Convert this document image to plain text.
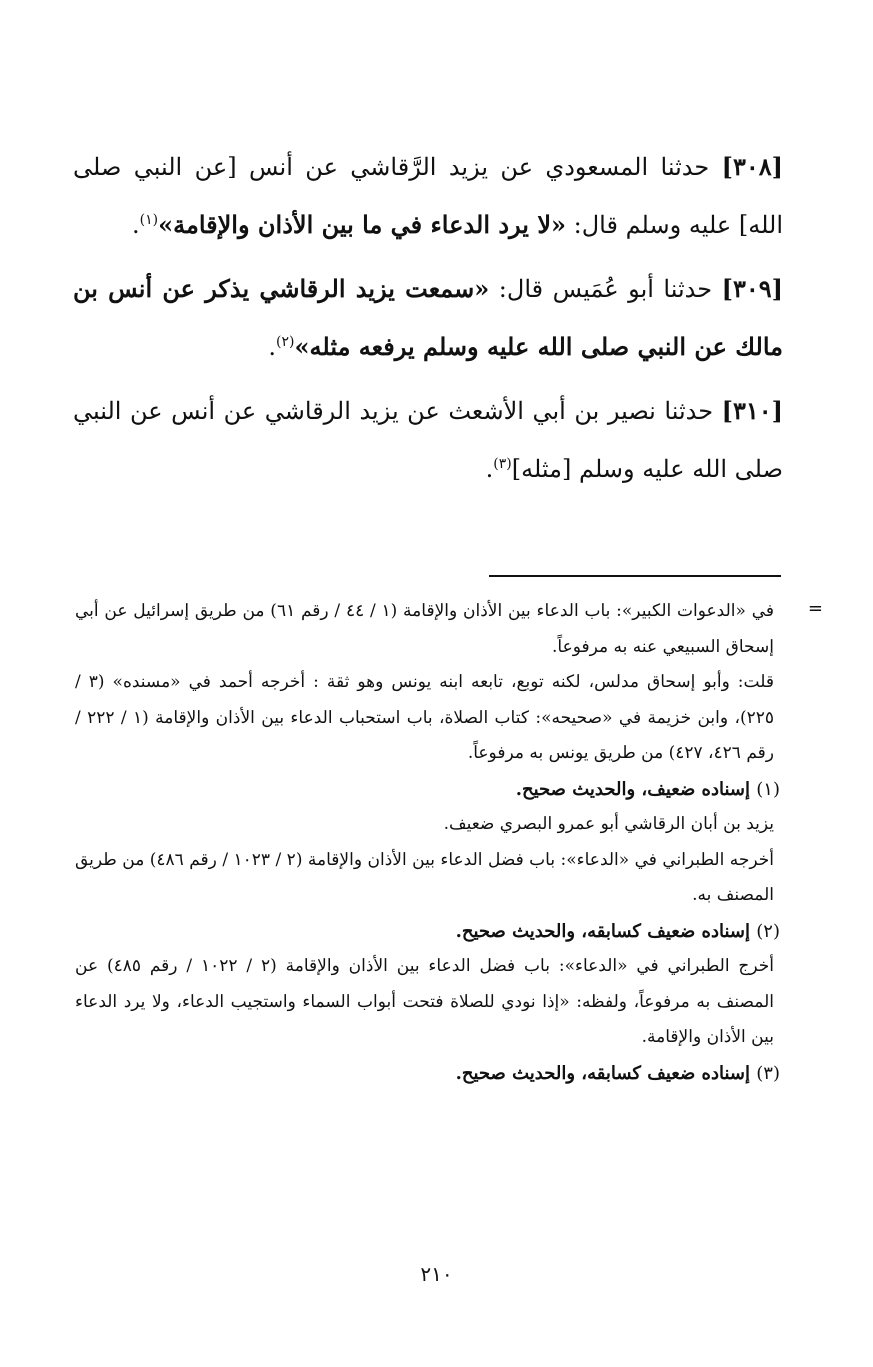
[٣٠٨] حدثنا المسعودي عن يزيد الرَّقاشي عن أنس [عن النبي صلى الله] عليه وسلم قال: «لا يرد الدعاء في ما بين الأذان والإقامة»$^{(١)}$.

[٣٠٩] حدثنا أبو عُمَيس قال: «سمعت يزيد الرقاشي يذكر عن أنس بن مالك عن النبي صلى الله عليه وسلم يرفعه مثله»$^{(٢)}$.

[٣١٠] حدثنا نصير بن أبي الأشعث عن يزيد الرقاشي عن أنس عن النبي صلى الله عليه وسلم [مثله]$^{(٣)}$.

=

في «الدعوات الكبير»: باب الدعاء بين الأذان والإقامة (١ / ٤٤ / رقم ٦١) من طريق إسرائيل عن أبي إسحاق السبيعي عنه به مرفوعاً.

قلت: وأبو إسحاق مدلس، لكنه توبع، تابعه ابنه يونس وهو ثقة : أخرجه أحمد في «مسنده» (٣ / ٢٢٥)، وابن خزيمة في «صحيحه»: كتاب الصلاة، باب استحباب الدعاء بين الأذان والإقامة (١ / ٢٢٢ / رقم ٤٢٦، ٤٢٧) من طريق يونس به مرفوعاً.

(١) إسناده ضعيف، والحديث صحيح.

يزيد بن أبان الرقاشي أبو عمرو البصري ضعيف.

أخرجه الطبراني في «الدعاء»: باب فضل الدعاء بين الأذان والإقامة (٢ / ١٠٢٣ / رقم ٤٨٦) من طريق المصنف به.

(٢) إسناده ضعيف كسابقه، والحديث صحيح.

أخرج الطبراني في «الدعاء»: باب فضل الدعاء بين الأذان والإقامة (٢ / ١٠٢٢ / رقم ٤٨٥) عن المصنف به مرفوعاً، ولفظه: «إذا نودي للصلاة فتحت أبواب السماء واستجيب الدعاء، ولا يرد الدعاء بين الأذان والإقامة.

(٣) إسناده ضعيف كسابقه، والحديث صحيح.

٢١٠
